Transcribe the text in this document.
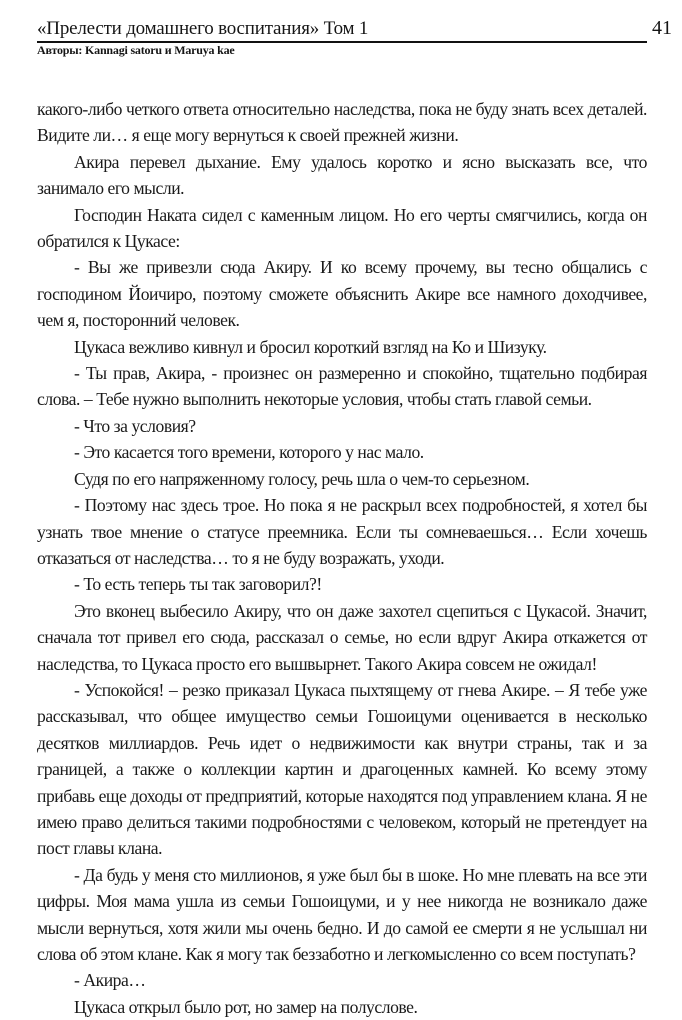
«Прелести домашнего воспитания» Том 1
Авторы: Kannagi satoru и Maruya kae
41

какого-либо четкого ответа относительно наследства, пока не буду знать всех деталей. Видите ли… я еще могу вернуться к своей прежней жизни.

Акира перевел дыхание. Ему удалось коротко и ясно высказать все, что занимало его мысли.

Господин Наката сидел с каменным лицом. Но его черты смягчились, когда он обратился к Цукасе:

- Вы же привезли сюда Акиру. И ко всему прочему, вы тесно общались с господином Йоичиро, поэтому сможете объяснить Акире все намного доходчивее, чем я, посторонний человек.

Цукаса вежливо кивнул и бросил короткий взгляд на Ко и Шизуку.

- Ты прав, Акира, - произнес он размеренно и спокойно, тщательно подбирая слова. – Тебе нужно выполнить некоторые условия, чтобы стать главой семьи.

- Что за условия?

- Это касается того времени, которого у нас мало.

Судя по его напряженному голосу, речь шла о чем-то серьезном.

- Поэтому нас здесь трое. Но пока я не раскрыл всех подробностей, я хотел бы узнать твое мнение о статусе преемника. Если ты сомневаешься… Если хочешь отказаться от наследства… то я не буду возражать, уходи.

- То есть теперь ты так заговорил?!

Это вконец выбесило Акиру, что он даже захотел сцепиться с Цукасой. Значит, сначала тот привел его сюда, рассказал о семье, но если вдруг Акира откажется от наследства, то Цукаса просто его вышвырнет. Такого Акира совсем не ожидал!

- Успокойся! – резко приказал Цукаса пыхтящему от гнева Акире. – Я тебе уже рассказывал, что общее имущество семьи Гошоицуми оценивается в несколько десятков миллиардов. Речь идет о недвижимости как внутри страны, так и за границей, а также о коллекции картин и драгоценных камней. Ко всему этому прибавь еще доходы от предприятий, которые находятся под управлением клана. Я не имею право делиться такими подробностями с человеком, который не претендует на пост главы клана.

- Да будь у меня сто миллионов, я уже был бы в шоке. Но мне плевать на все эти цифры. Моя мама ушла из семьи Гошоицуми, и у нее никогда не возникало даже мысли вернуться, хотя жили мы очень бедно. И до самой ее смерти я не услышал ни слова об этом клане. Как я могу так беззаботно и легкомысленно со всем поступать?

- Акира…

Цукаса открыл было рот, но замер на полуслове.
